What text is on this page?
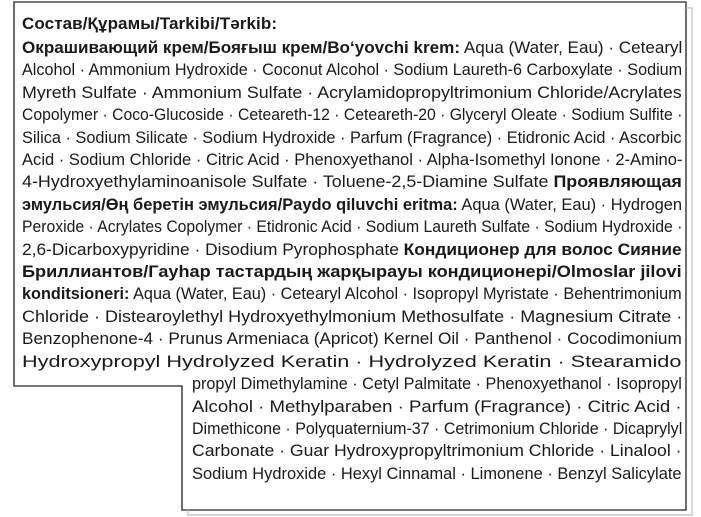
Состав/Құрамы/Tarkibi/Тәrkib:
Окрашивающий крем/Бояғыш крем/Bo‘yovchi krem: Aqua (Water, Eau) · Cetearyl
Alcohol · Ammonium Hydroxide · Coconut Alcohol · Sodium Laureth-6 Carboxylate · Sodium
Myreth Sulfate · Ammonium Sulfate · Acrylamidopropyltrimonium Chloride/Acrylates
Copolymer · Coco-Glucoside · Ceteareth-12 · Ceteareth-20 · Glyceryl Oleate · Sodium Sulfite ·
Silica · Sodium Silicate · Sodium Hydroxide · Parfum (Fragrance) · Etidronic Acid · Ascorbic
Acid · Sodium Chloride · Citric Acid · Phenoxyethanol · Alpha-Isomethyl Ionone · 2-Amino-
4-Hydroxyethylaminoanisole Sulfate · Toluene-2,5-Diamine Sulfate Проявляющая
эмульсия/Өң беретін эмульсия/Paydo qiluvchi eritma: Aqua (Water, Eau) · Hydrogen
Peroxide · Acrylates Copolymer · Etidronic Acid · Sodium Laureth Sulfate · Sodium Hydroxide ·
2,6-Dicarboxypyridine · Disodium Pyrophosphate Кондиционер для волос Сияние
Бриллиантов/Гауһар тастардың жарқырауы кондиционері/Olmoslar jilovi
konditsioneri: Aqua (Water, Eau) · Cetearyl Alcohol · Isopropyl Myristate · Behentrimonium
Chloride · Distearoylethyl Hydroxyethylmonium Methosulfate · Magnesium Citrate ·
Benzophenone-4 · Prunus Armeniaca (Apricot) Kernel Oil · Panthenol · Cocodimonium
Hydroxypropyl Hydrolyzed Keratin · Hydrolyzed Keratin · Stearamido
propyl Dimethylamine · Cetyl Palmitate · Phenoxyethanol · Isopropyl
Alcohol · Methylparaben · Parfum (Fragrance) · Citric Acid ·
Dimethicone · Polyquaternium-37 · Cetrimonium Chloride · Dicaprylyl
Carbonate · Guar Hydroxypropyltrimonium Chloride · Linalool ·
Sodium Hydroxide · Hexyl Cinnamal · Limonene · Benzyl Salicylate
